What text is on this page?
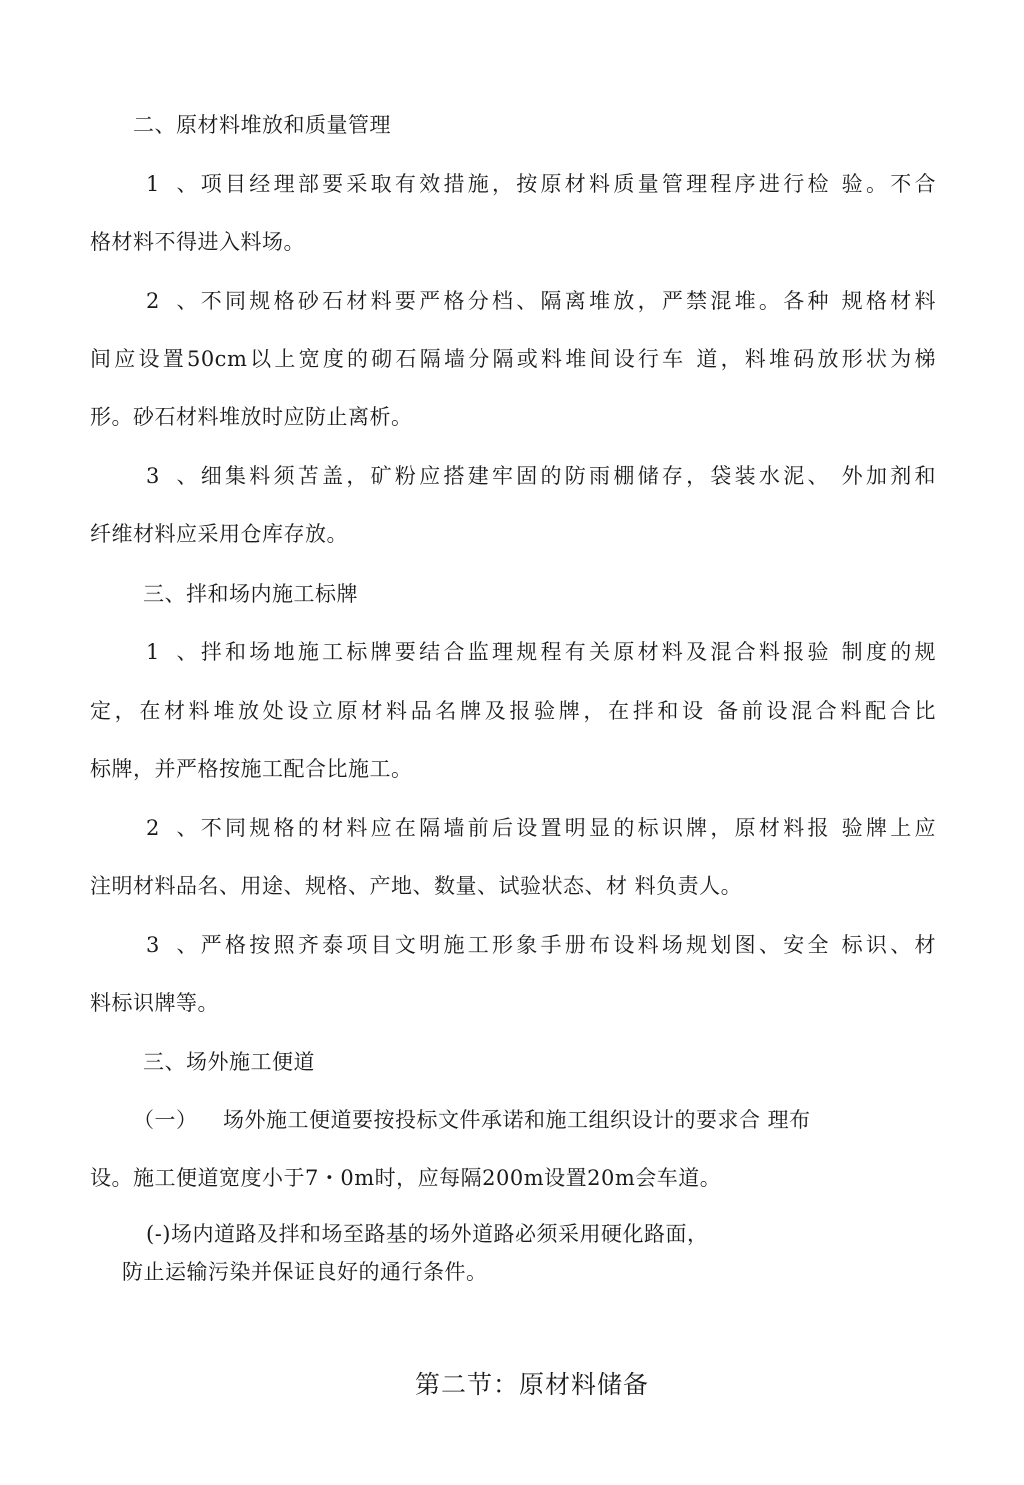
二、原材料堆放和质量管理
1、项目经理部要采取有效措施，按原材料质量管理程序进行检 验。不合
格材料不得进入料场。
2、不同规格砂石材料要严格分档、隔离堆放，严禁混堆。各种 规格材料
间应设置50cm以上宽度的砌石隔墙分隔或料堆间设行车 道，料堆码放形状为梯
形。砂石材料堆放时应防止离析。
3、细集料须苫盖，矿粉应搭建牢固的防雨棚储存，袋装水泥、 外加剂和
纤维材料应采用仓库存放。
三、拌和场内施工标牌
1、拌和场地施工标牌要结合监理规程有关原材料及混合料报验 制度的规
定，在材料堆放处设立原材料品名牌及报验牌，在拌和设 备前设混合料配合比
标牌，并严格按施工配合比施工。
2、不同规格的材料应在隔墙前后设置明显的标识牌，原材料报 验牌上应
注明材料品名、用途、规格、产地、数量、试验状态、材 料负责人。
3、严格按照齐泰项目文明施工形象手册布设料场规划图、安全 标识、材
料标识牌等。
三、场外施工便道
（一） 场外施工便道要按投标文件承诺和施工组织设计的要求合 理布
设。施工便道宽度小于7・0m时，应每隔200m设置20m会车道。
(-)场内道路及拌和场至路基的场外道路必须采用硬化路面，
防止运输污染并保证良好的通行条件。
第二节：原材料储备
